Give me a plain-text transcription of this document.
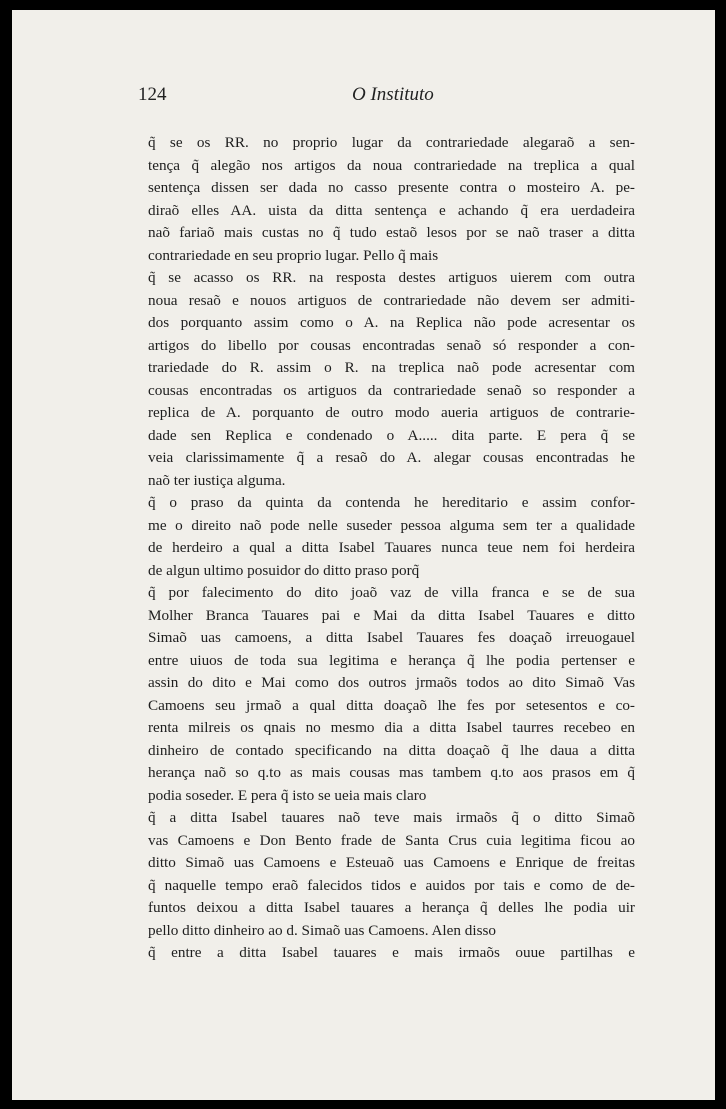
124	O Instituto
q̃ se os RR. no proprio lugar da contrariedade alegaraõ a sen-
tença q̃ alegão nos artigos da noua contrariedade na treplica a qual
sentença dissen ser dada no casso presente contra o mosteiro A. pe-
diraõ elles AA. uista da ditta sentença e achando q̃ era uerdadeira
naõ fariaõ mais custas no q̃ tudo estaõ lesos por se naõ traser a ditta
contrariedade en seu proprio lugar. Pello q̃ mais
q̃ se acasso os RR. na resposta destes artiguos uierem com outra
noua resaõ e nouos artiguos de contrariedade não devem ser admiti-
dos porquanto assim como o A. na Replica não pode acresentar os
artigos do libello por cousas encontradas senaõ só responder a con-
trariedade do R. assim o R. na treplica naõ pode acresentar com
cousas encontradas os artiguos da contrariedade senaõ so responder a
replica de A. porquanto de outro modo aueria artiguos de contrarie-
dade sen Replica e condenado o A..... dita parte. E pera q̃ se
veia clarissimamente q̃ a resaõ do A. alegar cousas encontradas he
naõ ter iustiça alguma.
q̃ o praso da quinta da contenda he hereditario e assim confor-
me o direito naõ pode nelle suseder pessoa alguma sem ter a qualidade
de herdeiro a qual a ditta Isabel Tauares nunca teue nem foi herdeira
de algun ultimo posuidor do ditto praso porq̃
q̃ por falecimento do dito joaõ vaz de villa franca e se de sua
Molher Branca Tauares pai e Mai da ditta Isabel Tauares e ditto
Simaõ uas camoens, a ditta Isabel Tauares fes doaçaõ irreuogauel
entre uiuos de toda sua legitima e herança q̃ lhe podia pertenser e
assin do dito e Mai como dos outros jrmaõs todos ao dito Simaõ Vas
Camoens seu jrmaõ a qual ditta doaçaõ lhe fes por setesentos e co-
renta milreis os qnais no mesmo dia a ditta Isabel taurres recebeo en
dinheiro de contado specificando na ditta doaçaõ q̃ lhe daua a ditta
herança naõ so q.to as mais cousas mas tambem q.to aos prasos em q̃
podia soseder. E pera q̃ isto se ueia mais claro
q̃ a ditta Isabel tauares naõ teve mais irmaõs q̃ o ditto Simaõ
vas Camoens e Don Bento frade de Santa Crus cuia legitima ficou ao
ditto Simaõ uas Camoens e Esteuaõ uas Camoens e Enrique de freitas
q̃ naquelle tempo eraõ falecidos tidos e auidos por tais e como de de-
funtos deixou a ditta Isabel tauares a herança q̃ delles lhe podia uir
pello ditto dinheiro ao d. Simaõ uas Camoens. Alen disso
q̃ entre a ditta Isabel tauares e mais irmaõs ouue partilhas e
